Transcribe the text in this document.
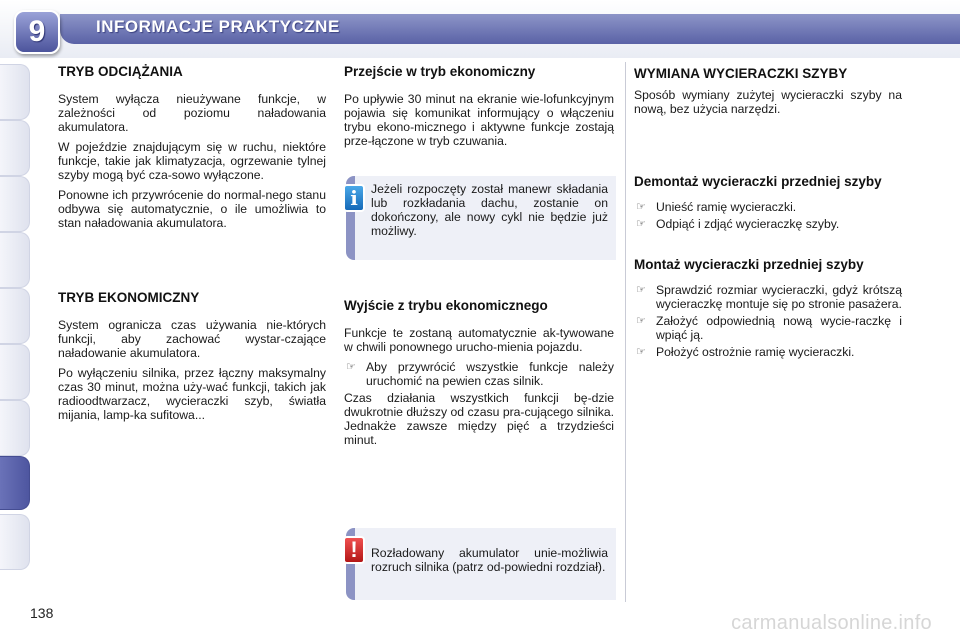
INFORMACJE PRAKTYCZNE
9
TRYB ODCIĄŻANIA

System wyłącza nieużywane funkcje, w zależności od poziomu naładowania akumulatora.

W pojeździe znajdującym się w ruchu, niektóre funkcje, takie jak klimatyzacja, ogrzewanie tylnej szyby mogą być cza-sowo wyłączone.

Ponowne ich przywrócenie do normal-nego stanu odbywa się automatycznie, o ile umożliwia to stan naładowania akumulatora.

TRYB EKONOMICZNY

System ogranicza czas używania nie-których funkcji, aby zachować wystar-czające naładowanie akumulatora.

Po wyłączeniu silnika, przez łączny maksymalny czas 30 minut, można uży-wać funkcji, takich jak radioodtwarzacz, wycieraczki szyb, światła mijania, lamp-ka sufitowa...

Przejście w tryb ekonomiczny

Po upływie 30 minut na ekranie wie-lofunkcyjnym pojawia się komunikat informujący o włączeniu trybu ekono-micznego i aktywne funkcje zostają prze-łączone w tryb czuwania.

i	Jeżeli rozpoczęty został manewr składania lub rozkładania dachu, zostanie on dokończony, ale nowy cykl nie będzie już możliwy.

Wyjście z trybu ekonomicznego

Funkcje te zostaną automatycznie ak-tywowane w chwili ponownego urucho-mienia pojazdu.

☞ Aby przywrócić wszystkie funkcje należy uruchomić na pewien czas silnik.

Czas działania wszystkich funkcji bę-dzie dwukrotnie dłuższy od czasu pra-cującego silnika. Jednakże zawsze między pięć a trzydzieści minut.

!	Rozładowany akumulator unie-możliwia rozruch silnika (patrz od-powiedni rozdział).

WYMIANA WYCIERACZKI SZYBY

Sposób wymiany zużytej wycieraczki szyby na nową, bez użycia narzędzi.

Demontaż wycieraczki przedniej szyby
☞ Unieść ramię wycieraczki.
☞ Odpiąć i zdjąć wycieraczkę szyby.
Montaż wycieraczki przedniej szyby
☞ Sprawdzić rozmiar wycieraczki, gdyż krótszą wycieraczkę montuje się po stronie pasażera.
☞ Założyć odpowiednią nową wycie-raczkę i wpiąć ją.
☞ Położyć ostrożnie ramię wycieraczki.
138	carmanualsonline.info
